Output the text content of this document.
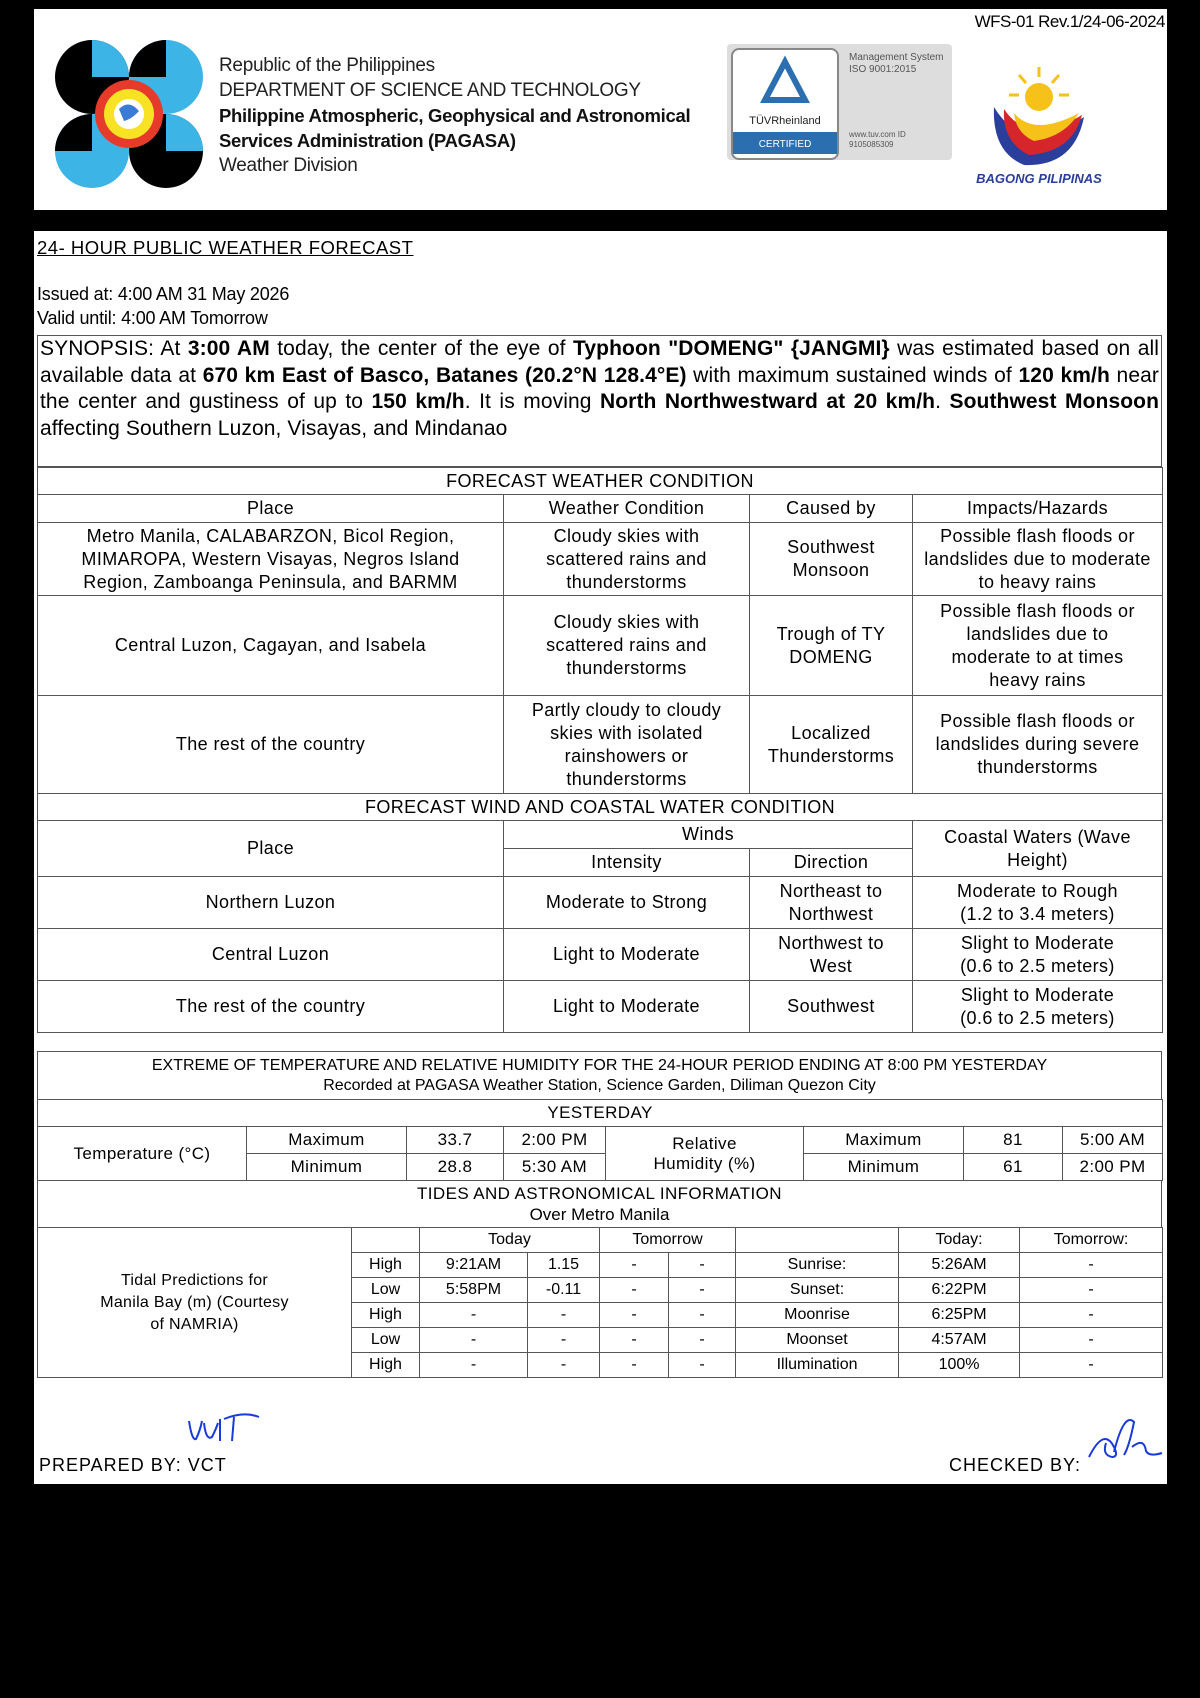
WFS-01 Rev.1/24-06-2024
Republic of the Philippines
DEPARTMENT OF SCIENCE AND TECHNOLOGY
Philippine Atmospheric, Geophysical and Astronomical
Services Administration (PAGASA)
Weather Division
TÜVRheinland
CERTIFIED
Management System ISO 9001:2015
www.tuv.com ID 9105085309
BAGONG PILIPINAS
24- HOUR PUBLIC WEATHER FORECAST
Issued at: 4:00 AM 31 May 2026
Valid until: 4:00 AM Tomorrow
SYNOPSIS: At 3:00 AM today, the center of the eye of Typhoon "DOMENG" {JANGMI} was estimated based on all available data at 670 km East of Basco, Batanes (20.2°N 128.4°E) with maximum sustained winds of 120 km/h near the center and gustiness of up to 150 km/h. It is moving North Northwestward at 20 km/h. Southwest Monsoon affecting Southern Luzon, Visayas, and Mindanao
FORECAST WEATHER CONDITION			
Place	Weather Condition	Caused by	Impacts/Hazards
Metro Manila, CALABARZON, Bicol Region, MIMAROPA, Western Visayas, Negros Island Region, Zamboanga Peninsula, and BARMM	Cloudy skies with scattered rains and thunderstorms	Southwest Monsoon	Possible flash floods or landslides due to moderate to heavy rains
Central Luzon, Cagayan, and Isabela	Cloudy skies with scattered rains and thunderstorms	Trough of TY DOMENG	Possible flash floods or landslides due to moderate to at times heavy rains
The rest of the country	Partly cloudy to cloudy skies with isolated rainshowers or thunderstorms	Localized Thunderstorms	Possible flash floods or landslides during severe thunderstorms
FORECAST WIND AND COASTAL WATER CONDITION			
Place	Winds		Coastal Waters (Wave Height)
	Intensity	Direction	
Northern Luzon	Moderate to Strong	Northeast to Northwest	Moderate to Rough (1.2 to 3.4 meters)
Central Luzon	Light to Moderate	Northwest to West	Slight to Moderate (0.6 to 2.5 meters)
The rest of the country	Light to Moderate	Southwest	Slight to Moderate (0.6 to 2.5 meters)
EXTREME OF TEMPERATURE AND RELATIVE HUMIDITY FOR THE 24-HOUR PERIOD ENDING AT 8:00 PM YESTERDAY
Recorded at PAGASA Weather Station, Science Garden, Diliman Quezon City
YESTERDAY							
Temperature (°C)	Maximum	33.7	2:00 PM	Relative Humidity (%)	Maximum	81	5:00 AM
	Minimum	28.8	5:30 AM		Minimum	61	2:00 PM
TIDES AND ASTRONOMICAL INFORMATION
Over Metro Manila
Tidal Predictions for Manila Bay (m) (Courtesy of NAMRIA)		Today		Tomorrow			Today:	Tomorrow:
	High	9:21AM	1.15	-	-	Sunrise:	5:26AM	-
	Low	5:58PM	-0.11	-	-	Sunset:	6:22PM	-
	High	-	-	-	-	Moonrise	6:25PM	-
	Low	-	-	-	-	Moonset	4:57AM	-
	High	-	-	-	-	Illumination	100%	-
PREPARED BY: VCT	CHECKED BY:
